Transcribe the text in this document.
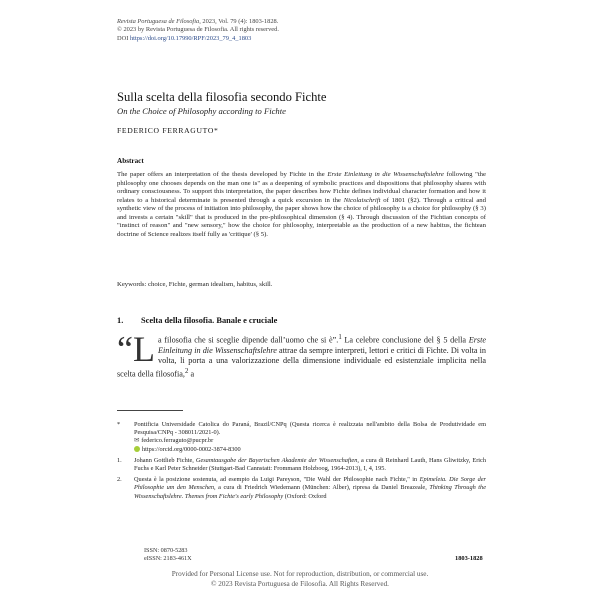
Revista Portuguesa de Filosofia, 2023, Vol. 79 (4): 1803-1828.
© 2023 by Revista Portuguesa de Filosofia. All rights reserved.
DOI https://doi.org/10.17990/RPF/2023_79_4_1803
Sulla scelta della filosofia secondo Fichte
On the Choice of Philosophy according to Fichte
FEDERICO FERRAGUTO*
Abstract
The paper offers an interpretation of the thesis developed by Fichte in the Erste Einleitung in die Wissenschaftslehre following "the philosophy one chooses depends on the man one is" as a deepening of symbolic practices and dispositions that philosophy shares with ordinary consciousness. To support this interpretation, the paper describes how Fichte defines individual character formation and how it relates to a historical determinate is presented through a quick excursion in the Nicolaischrift of 1801 (§2). Through a critical and synthetic view of the process of initiation into philosophy, the paper shows how the choice of philosophy is a choice for philosophy (§ 3) and invests a certain "skill" that is produced in the pre-philosophical dimension (§ 4). Through discussion of the Fichtian concepts of "instinct of reason" and "new sensory," how the choice for philosophy, interpretable as the production of a new habitus, the fichtean doctrine of Science realizes itself fully as 'critique' (§ 5).
Keywords: choice, Fichte, german idealism, habitus, skill.
1. Scelta della filosofia. Banale e cruciale
“L a filosofia che si sceglie dipende dall’uomo che si è”.$^1$ La celebre conclusione del § 5 della Erste Einleitung in die Wissenschaftslehre attrae da sempre interpreti, lettori e critici di Fichte. Di volta in volta, li porta a una valorizzazione della dimensione individuale ed esistenziale implicita nella scelta della filosofia,$^2$ a
*	Pontificia Universidade Catolica do Paraná, Brazil/CNPq (Questa ricerca è realizzata nell'ambito della Bolsa de Produtividade em Pesquisa/CNPq - 308011/2021-0).
✉ federico.ferraguto@pucpr.br
https://orcid.org/0000-0002-3874-8300
1.	Johann Gottlieb Fichte, Gesamtausgabe der Bayerischen Akademie der Wissenschaften, a cura di Reinhard Lauth, Hans Gliwitzky, Erich Fuchs e Karl Peter Schneider (Stuttgart-Bad Cannstatt: Frommann Holzboog, 1964-2013), I, 4, 195.
2.	Questa è la posizione sostenuta, ad esempio da Luigi Pareyson, "Die Wahl der Philosophie nach Fichte," in Epimeleia. Die Sorge der Philosophie um den Menschen, a cura di Friedrich Wiedemann (München: Alber), ripresa da Daniel Breazeale, Thinking Through the Wissenschaftslehre. Themes from Fichte's early Philosophy (Oxford: Oxford
ISSN: 0870-5283
eISSN: 2183-461X	1803-1828
Provided for Personal License use. Not for reproduction, distribution, or commercial use.
© 2023 Revista Portuguesa de Filosofia. All Rights Reserved.
